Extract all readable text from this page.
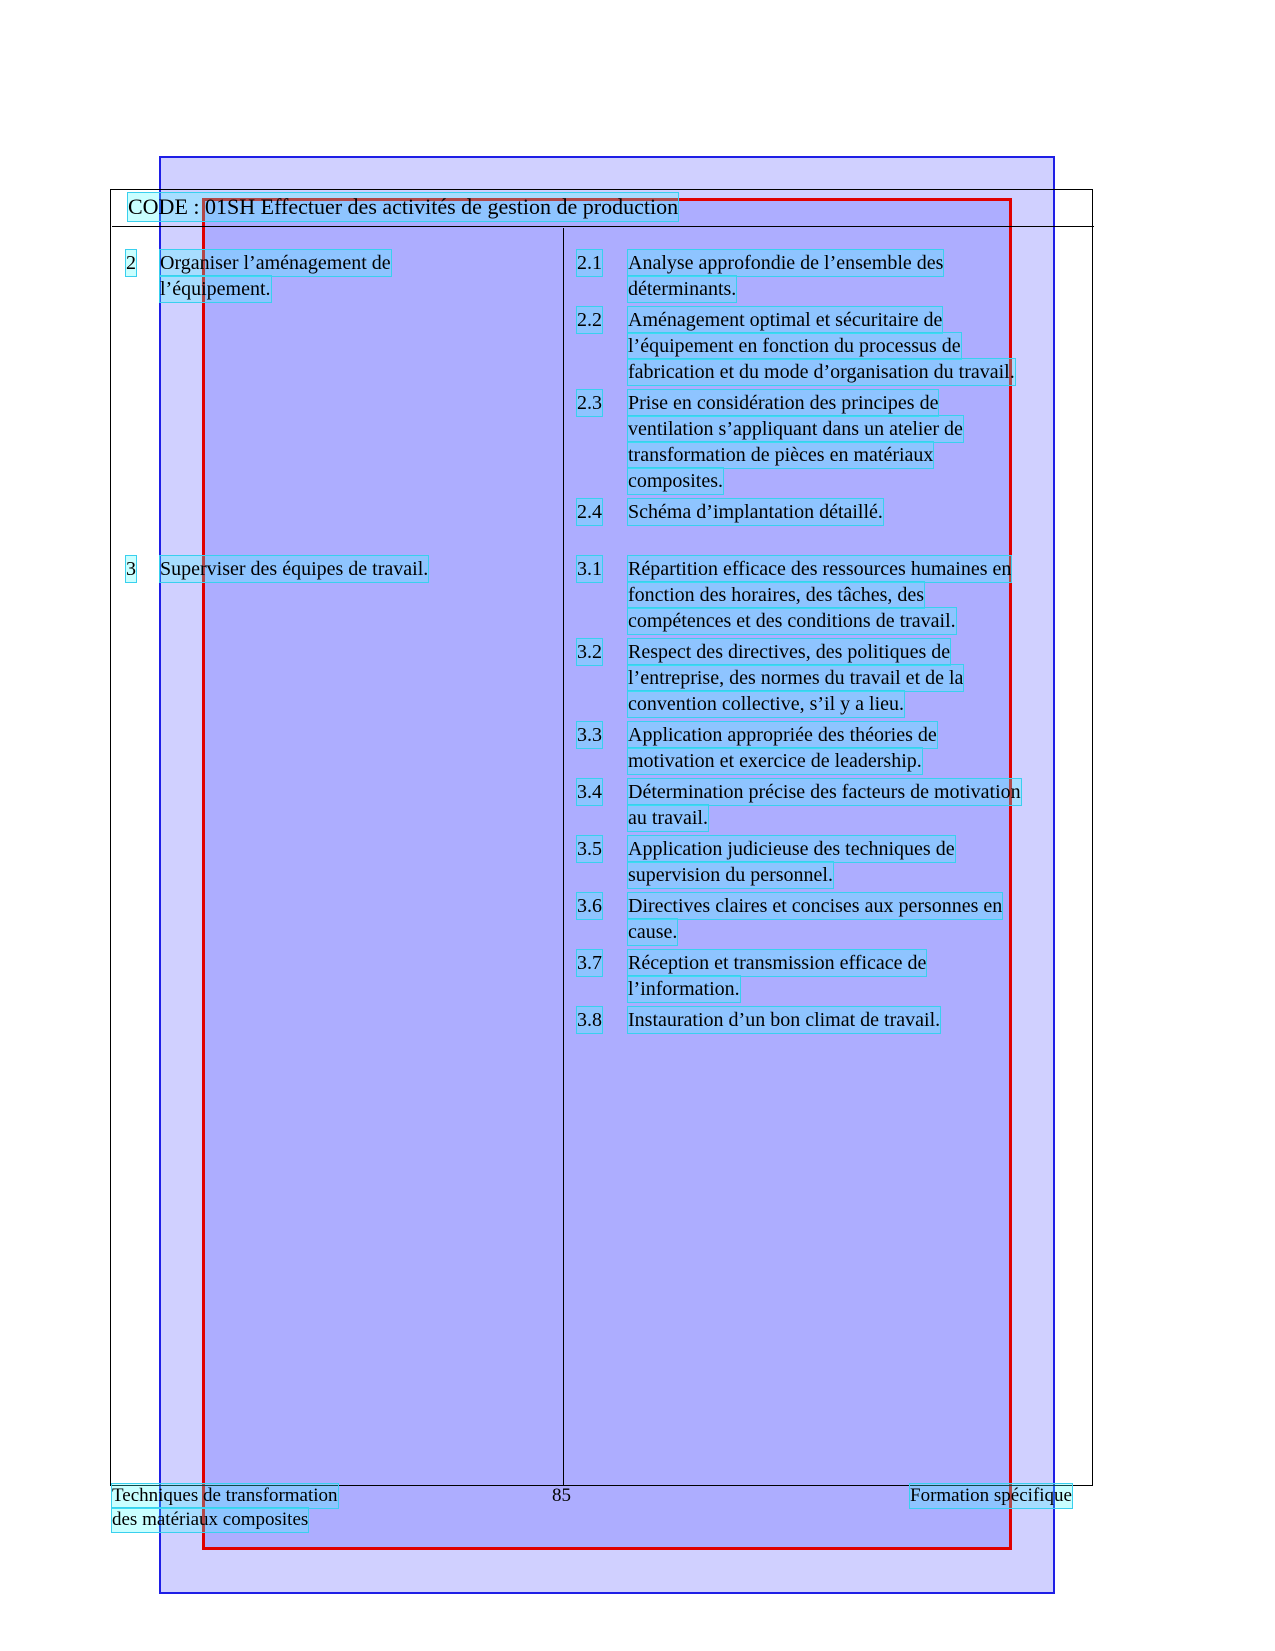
CODE : 01SH Effectuer des activités de gestion de production
2 Organiser l’aménagement de
l’équipement.
3 Superviser des équipes de travail.
2.1 Analyse approfondie de l’ensemble des
déterminants.
2.2 Aménagement optimal et sécuritaire de
l’équipement en fonction du processus de
fabrication et du mode d’organisation du travail.
2.3 Prise en considération des principes de
ventilation s’appliquant dans un atelier de
transformation de pièces en matériaux
composites.
2.4 Schéma d’implantation détaillé.
3.1 Répartition efficace des ressources humaines en
fonction des horaires, des tâches, des
compétences et des conditions de travail.
3.2 Respect des directives, des politiques de
l’entreprise, des normes du travail et de la
convention collective, s’il y a lieu.
3.3 Application appropriée des théories de
motivation et exercice de leadership.
3.4 Détermination précise des facteurs de motivation
au travail.
3.5 Application judicieuse des techniques de
supervision du personnel.
3.6 Directives claires et concises aux personnes en
cause.
3.7 Réception et transmission efficace de
l’information.
3.8 Instauration d’un bon climat de travail.
Techniques de transformation
des matériaux composites
85	Formation spécifique
